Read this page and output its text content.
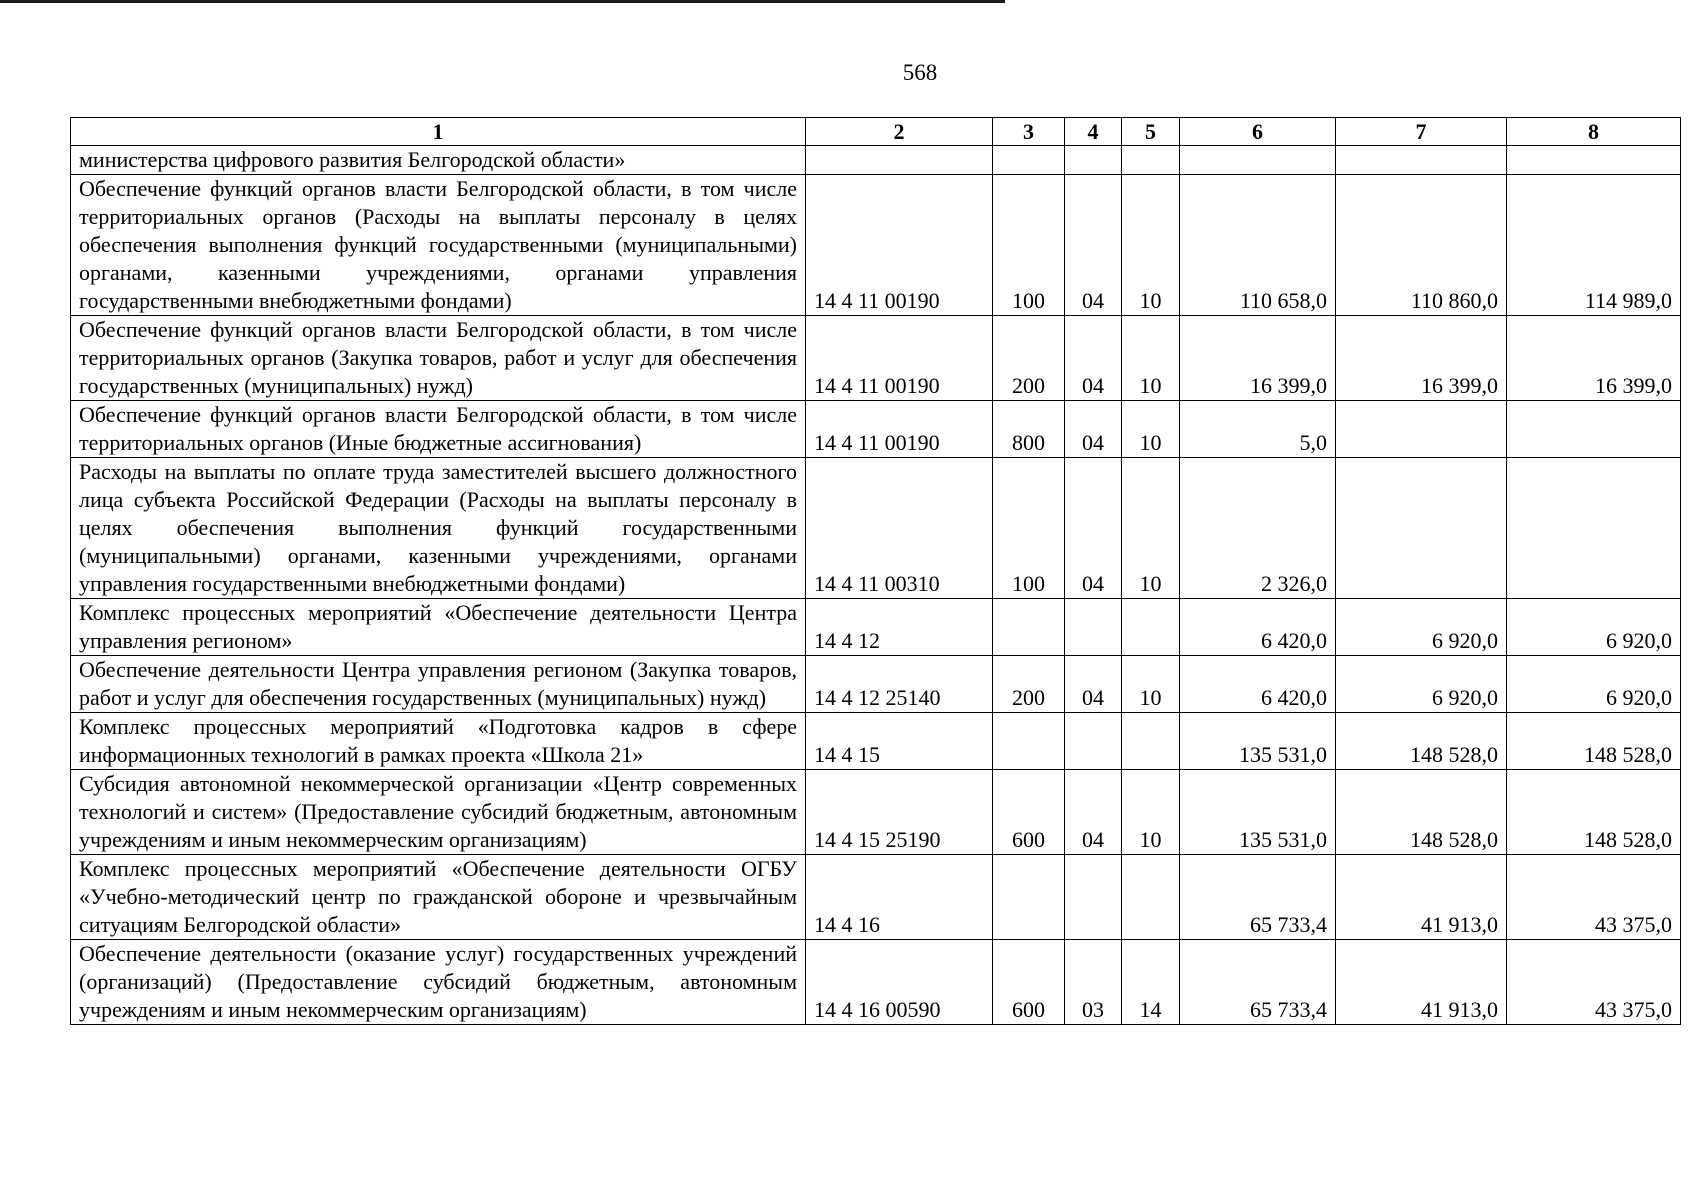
568
1	2	3	4	5	6	7	8
министерства цифрового развития Белгородской области»							
Обеспечение функций органов власти Белгородской области, в том числе территориальных органов (Расходы на выплаты персоналу в целях обеспечения выполнения функций государственными (муниципальными) органами, казенными учреждениями, органами управления государственными внебюджетными фондами)	14 4 11 00190	100	04	10	110 658,0	110 860,0	114 989,0
Обеспечение функций органов власти Белгородской области, в том числе территориальных органов (Закупка товаров, работ и услуг для обеспечения государственных (муниципальных) нужд)	14 4 11 00190	200	04	10	16 399,0	16 399,0	16 399,0
Обеспечение функций органов власти Белгородской области, в том числе территориальных органов (Иные бюджетные ассигнования)	14 4 11 00190	800	04	10	5,0		
Расходы на выплаты по оплате труда заместителей высшего должностного лица субъекта Российской Федерации (Расходы на выплаты персоналу в целях обеспечения выполнения функций государственными (муниципальными) органами, казенными учреждениями, органами управления государственными внебюджетными фондами)	14 4 11 00310	100	04	10	2 326,0		
Комплекс процессных мероприятий «Обеспечение деятельности Центра управления регионом»	14 4 12				6 420,0	6 920,0	6 920,0
Обеспечение деятельности Центра управления регионом (Закупка товаров, работ и услуг для обеспечения государственных (муниципальных) нужд)	14 4 12 25140	200	04	10	6 420,0	6 920,0	6 920,0
Комплекс процессных мероприятий «Подготовка кадров в сфере информационных технологий в рамках проекта «Школа 21»	14 4 15				135 531,0	148 528,0	148 528,0
Субсидия автономной некоммерческой организации «Центр современных технологий и систем» (Предоставление субсидий бюджетным, автономным учреждениям и иным некоммерческим организациям)	14 4 15 25190	600	04	10	135 531,0	148 528,0	148 528,0
Комплекс процессных мероприятий «Обеспечение деятельности ОГБУ «Учебно-методический центр по гражданской обороне и чрезвычайным ситуациям Белгородской области»	14 4 16				65 733,4	41 913,0	43 375,0
Обеспечение деятельности (оказание услуг) государственных учреждений (организаций) (Предоставление субсидий бюджетным, автономным учреждениям и иным некоммерческим организациям)	14 4 16 00590	600	03	14	65 733,4	41 913,0	43 375,0
